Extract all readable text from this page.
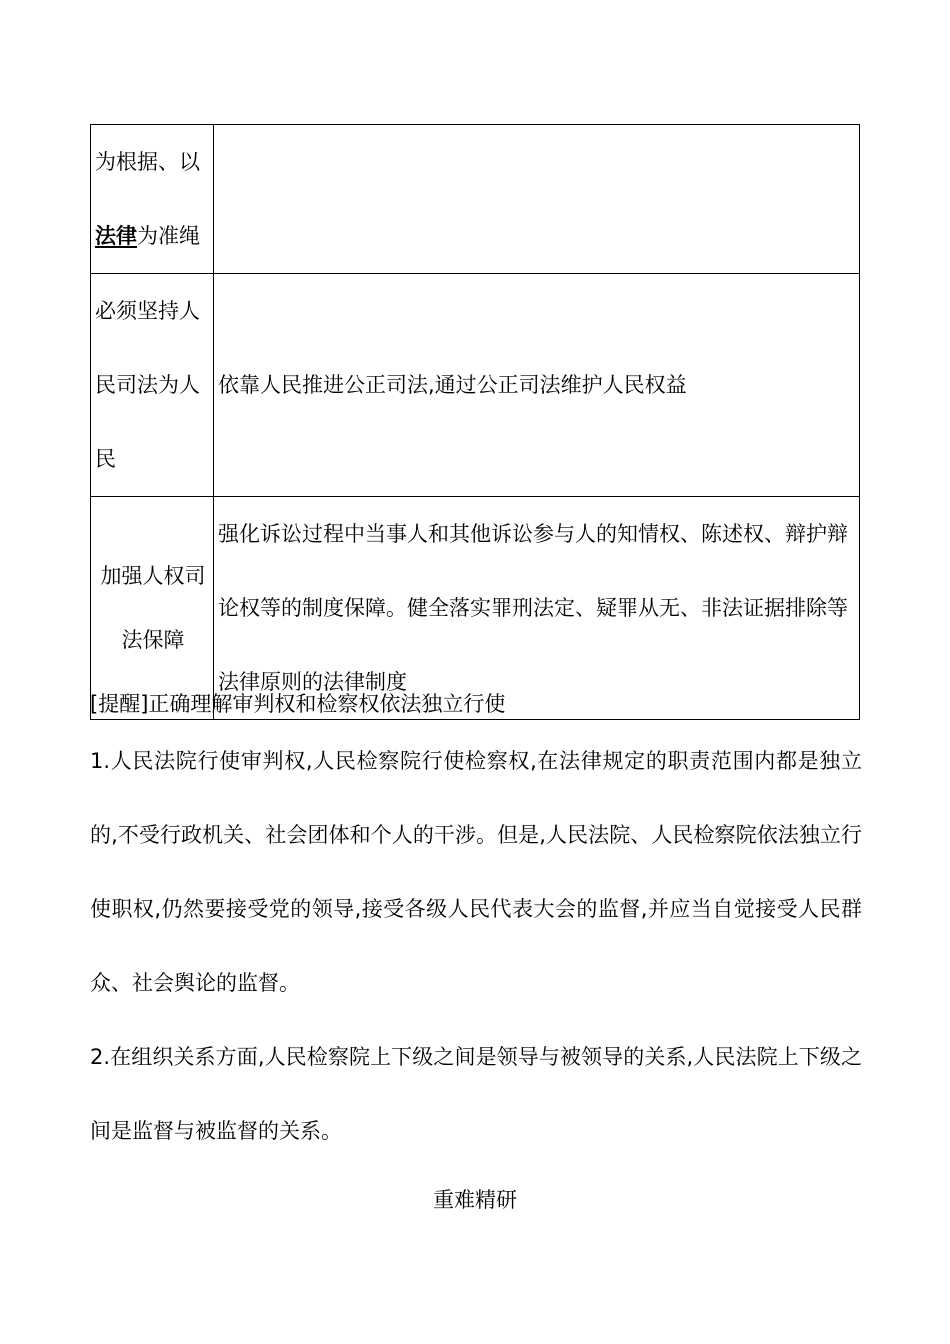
为根据、以法律为准绳	
必须坚持人民司法为人民	依靠人民推进公正司法,通过公正司法维护人民权益
加强人权司法保障	强化诉讼过程中当事人和其他诉讼参与人的知情权、陈述权、辩护辩论权等的制度保障。健全落实罪刑法定、疑罪从无、非法证据排除等法律原则的法律制度

[提醒]正确理解审判权和检察权依法独立行使

1.人民法院行使审判权,人民检察院行使检察权,在法律规定的职责范围内都是独立的,不受行政机关、社会团体和个人的干涉。但是,人民法院、人民检察院依法独立行使职权,仍然要接受党的领导,接受各级人民代表大会的监督,并应当自觉接受人民群众、社会舆论的监督。

2.在组织关系方面,人民检察院上下级之间是领导与被领导的关系,人民法院上下级之间是监督与被监督的关系。

重难精研
